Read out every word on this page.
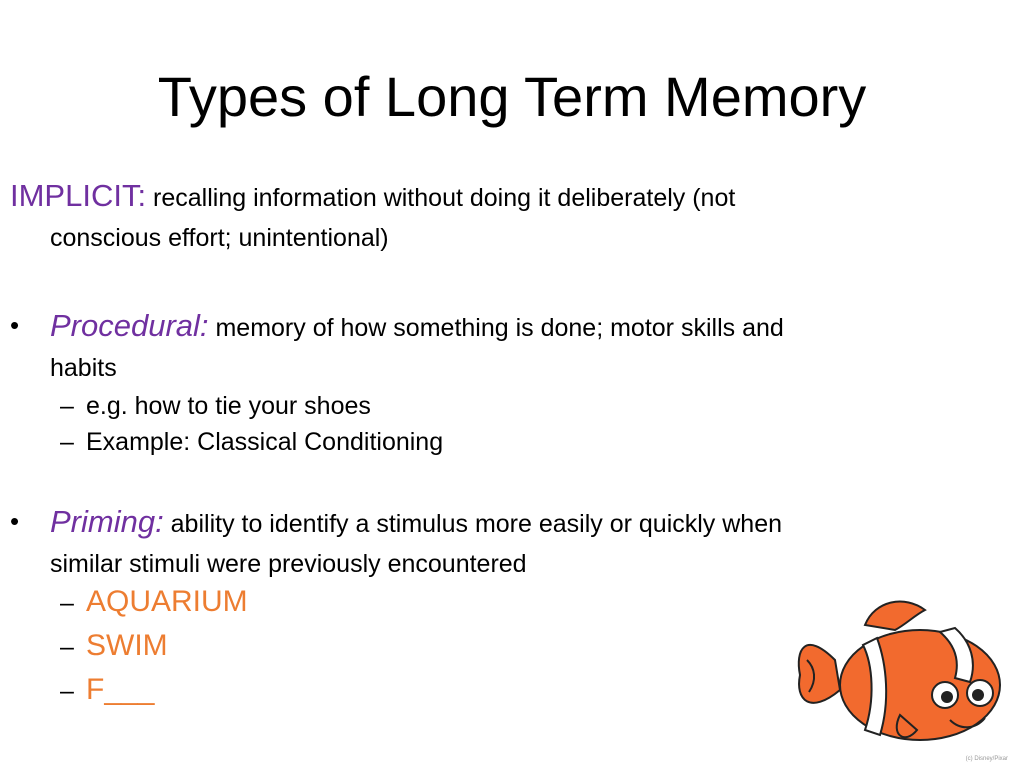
Types of Long Term Memory
IMPLICIT: recalling information without doing it deliberately (not
conscious effort; unintentional)
• Procedural: memory of how something is done; motor skills and
habits
– e.g. how to tie your shoes
– Example: Classical Conditioning
• Priming: ability to identify a stimulus more easily or quickly when
similar stimuli were previously encountered
– AQUARIUM
– SWIM
– F___
(c) Disney/Pixar
